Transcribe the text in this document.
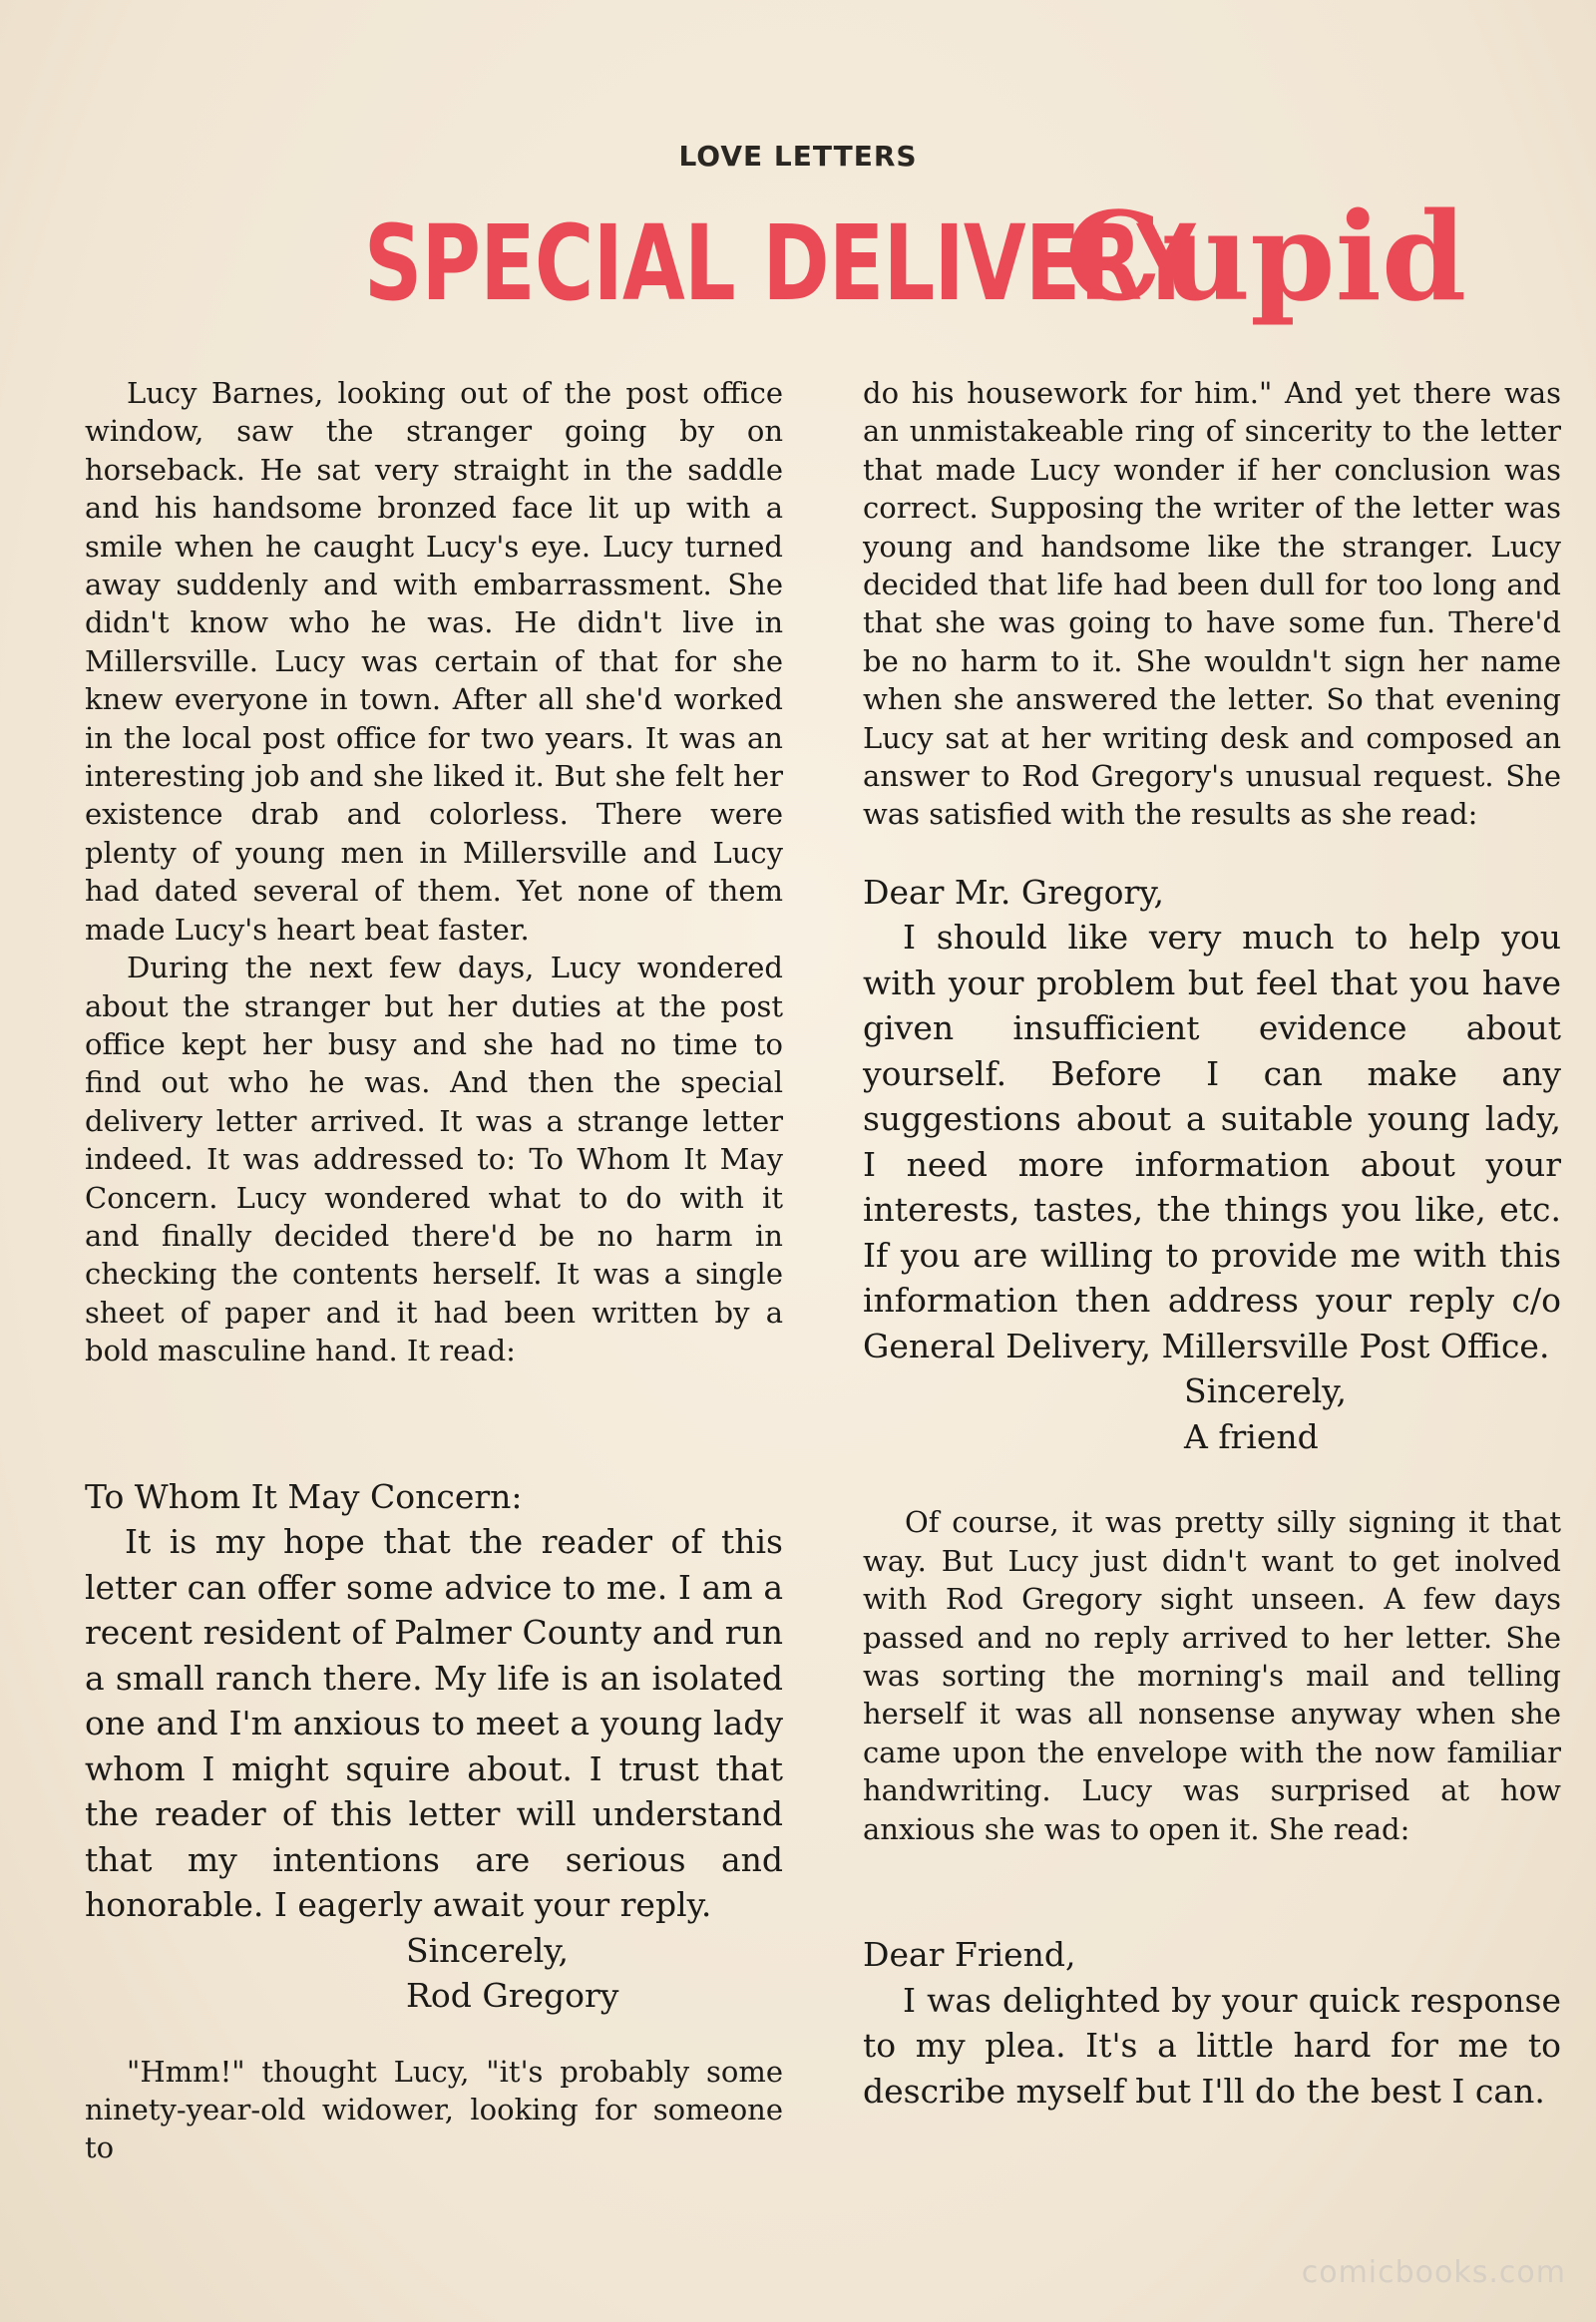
LOVE LETTERS
SPECIAL DELIVERYCupid

Lucy Barnes, looking out of the post office window, saw the stranger going by on horseback. He sat very straight in the saddle and his handsome bronzed face lit up with a smile when he caught Lucy's eye. Lucy turned away suddenly and with embarrassment. She didn't know who he was. He didn't live in Millersville. Lucy was certain of that for she knew everyone in town. After all she'd worked in the local post office for two years. It was an interesting job and she liked it. But she felt her existence drab and colorless. There were plenty of young men in Millersville and Lucy had dated several of them. Yet none of them made Lucy's heart beat faster.

During the next few days, Lucy wondered about the stranger but her duties at the post office kept her busy and she had no time to find out who he was. And then the special delivery letter arrived. It was a strange letter indeed. It was addressed to: To Whom It May Concern. Lucy wondered what to do with it and finally decided there'd be no harm in checking the contents herself. It was a single sheet of paper and it had been written by a bold masculine hand. It read:

To Whom It May Concern:

It is my hope that the reader of this letter can offer some advice to me. I am a recent resident of Palmer County and run a small ranch there. My life is an isolated one and I'm anxious to meet a young lady whom I might squire about. I trust that the reader of this letter will understand that my intentions are serious and honorable. I eagerly await your reply.

Sincerely,
Rod Gregory

"Hmm!" thought Lucy, "it's probably some ninety-year-old widower, looking for someone to

do his housework for him." And yet there was an unmistakeable ring of sincerity to the letter that made Lucy wonder if her conclusion was correct. Supposing the writer of the letter was young and handsome like the stranger. Lucy decided that life had been dull for too long and that she was going to have some fun. There'd be no harm to it. She wouldn't sign her name when she answered the letter. So that evening Lucy sat at her writing desk and composed an answer to Rod Gregory's unusual request. She was satisfied with the results as she read:

Dear Mr. Gregory,

I should like very much to help you with your problem but feel that you have given insufficient evidence about yourself. Before I can make any suggestions about a suitable young lady, I need more information about your interests, tastes, the things you like, etc. If you are willing to provide me with this information then address your reply c/o General Delivery, Millersville Post Office.

Sincerely,
A friend

Of course, it was pretty silly signing it that way. But Lucy just didn't want to get inolved with Rod Gregory sight unseen. A few days passed and no reply arrived to her letter. She was sorting the morning's mail and telling herself it was all nonsense anyway when she came upon the envelope with the now familiar handwriting. Lucy was surprised at how anxious she was to open it. She read:

Dear Friend,

I was delighted by your quick response to my plea. It's a little hard for me to describe myself but I'll do the best I can.

comicbooks.com
